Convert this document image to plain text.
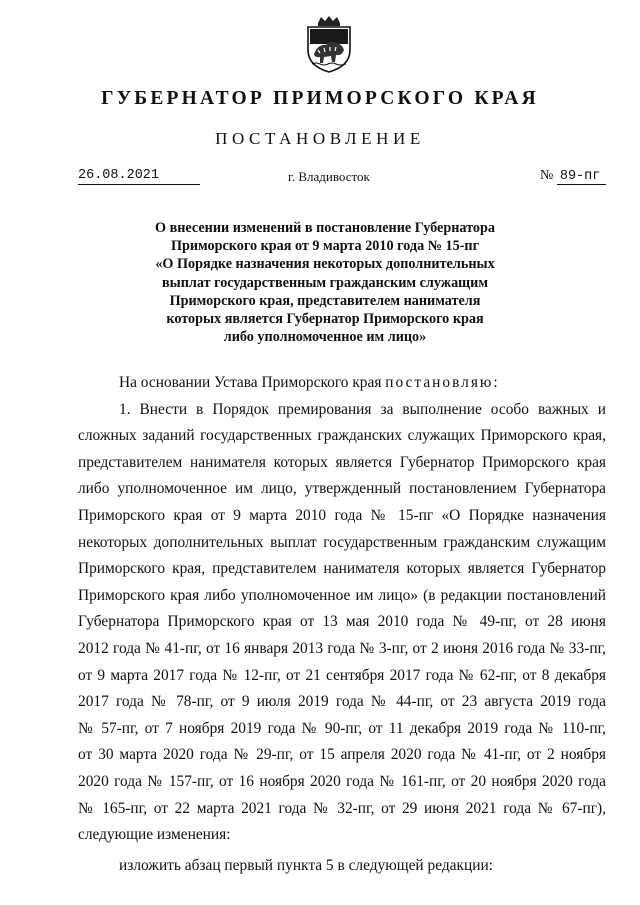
ГУБЕРНАТОР ПРИМОРСКОГО КРАЯ
ПОСТАНОВЛЕНИЕ
26.08.2021	г. Владивосток	№ 89-пг
О внесении изменений в постановление Губернатора
Приморского края от 9 марта 2010 года № 15-пг
«О Порядке назначения некоторых дополнительных
выплат государственным гражданским служащим
Приморского края, представителем нанимателя
которых является Губернатор Приморского края
либо уполномоченное им лицо»
На основании Устава Приморского края постановляю:
1. Внести в Порядок премирования за выполнение особо важных и
сложных заданий государственных гражданских служащих Приморского края,
представителем нанимателя которых является Губернатор Приморского края
либо уполномоченное им лицо, утвержденный постановлением Губернатора
Приморского края от 9 марта 2010 года № 15-пг «О Порядке назначения
некоторых дополнительных выплат государственным гражданским служащим
Приморского края, представителем нанимателя которых является Губернатор
Приморского края либо уполномоченное им лицо» (в редакции постановлений
Губернатора Приморского края от 13 мая 2010 года № 49-пг, от 28 июня
2012 года № 41-пг, от 16 января 2013 года № 3-пг, от 2 июня 2016 года № 33-пг,
от 9 марта 2017 года № 12-пг, от 21 сентября 2017 года № 62-пг, от 8 декабря
2017 года № 78-пг, от 9 июля 2019 года № 44-пг, от 23 августа 2019 года
№ 57-пг, от 7 ноября 2019 года № 90-пг, от 11 декабря 2019 года № 110-пг,
от 30 марта 2020 года № 29-пг, от 15 апреля 2020 года № 41-пг, от 2 ноября
2020 года № 157-пг, от 16 ноября 2020 года № 161-пг, от 20 ноября 2020 года
№ 165-пг, от 22 марта 2021 года № 32-пг, от 29 июня 2021 года № 67-пг),
следующие изменения:
изложить абзац первый пункта 5 в следующей редакции:
